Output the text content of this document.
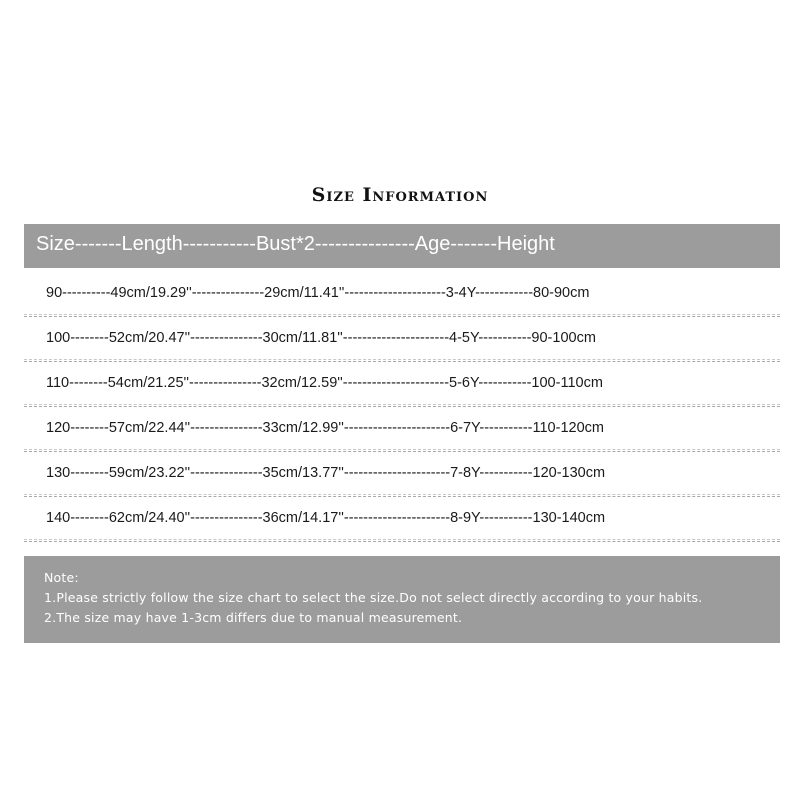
Size Information
Size-------Length-----------Bust*2---------------Age-------Height
90----------49cm/19.29''---------------29cm/11.41''---------------------3-4Y------------80-90cm
100--------52cm/20.47''---------------30cm/11.81''----------------------4-5Y-----------90-100cm
110--------54cm/21.25''---------------32cm/12.59''----------------------5-6Y-----------100-110cm
120--------57cm/22.44''---------------33cm/12.99''----------------------6-7Y-----------110-120cm
130--------59cm/23.22''---------------35cm/13.77''----------------------7-8Y-----------120-130cm
140--------62cm/24.40''---------------36cm/14.17''----------------------8-9Y-----------130-140cm
Note:
1.Please strictly follow the size chart to select the size.Do not select directly according to your habits.
2.The size may have 1-3cm differs due to manual measurement.
